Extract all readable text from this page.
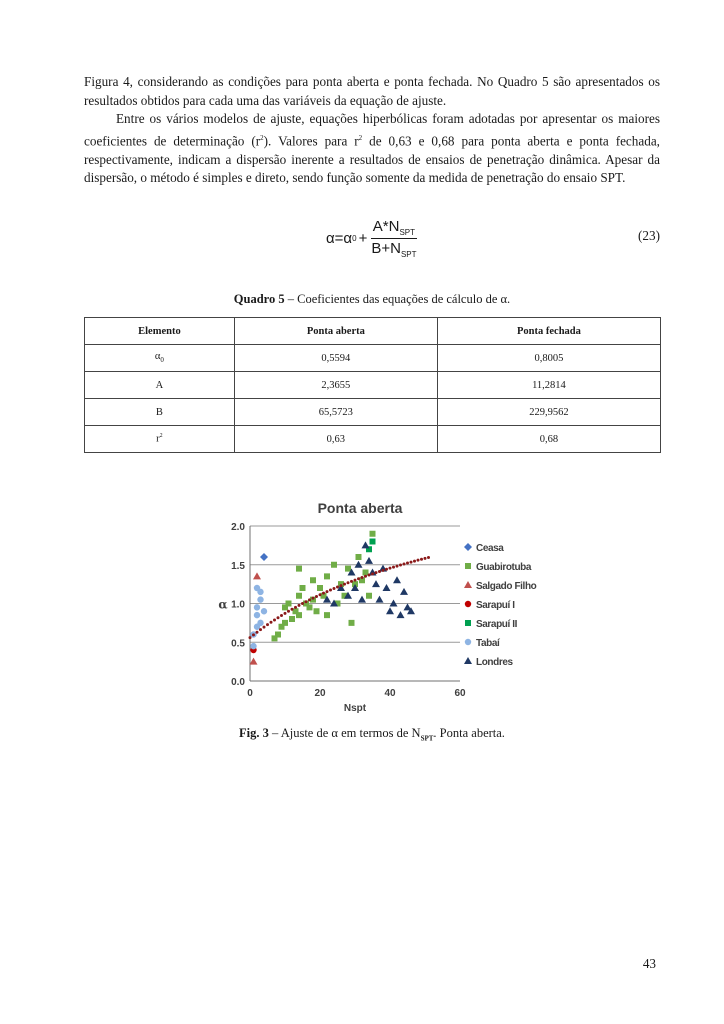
Figura 4, considerando as condições para ponta aberta e ponta fechada. No Quadro 5 são apresentados os resultados obtidos para cada uma das variáveis da equação de ajuste.

Entre os vários modelos de ajuste, equações hiperbólicas foram adotadas por apresentar os maiores coeficientes de determinação $(r^2)$. Valores para $r^2$ de 0,63 e 0,68 para ponta aberta e ponta fechada, respectivamente, indicam a dispersão inerente a resultados de ensaios de penetração dinâmica. Apesar da dispersão, o método é simples e direto, sendo função somente da medida de penetração do ensaio SPT.

α=α $0 + \frac{A*N_{SPT}}{B+N_{SPT}}$	(23)
Quadro 5 – Coeficientes das equações de cálculo de α.
Elemento	Ponta aberta	Ponta fechada
$\alpha_0$	0,5594	0,8005
A	2,3655	11,2814
B	65,5723	229,9562
$r^2$	0,63	0,68
Ponta aberta
0.0
0.5
1.0
1.5
2.0
0	20	40	60
Nspt
α
Ceasa
Guabirotuba
Salgado Filho
Sarapuí I
Sarapuí II
Tabaí
Londres
Fig. 3 – Ajuste de α em termos de $N_{SPT}$. Ponta aberta.
43
